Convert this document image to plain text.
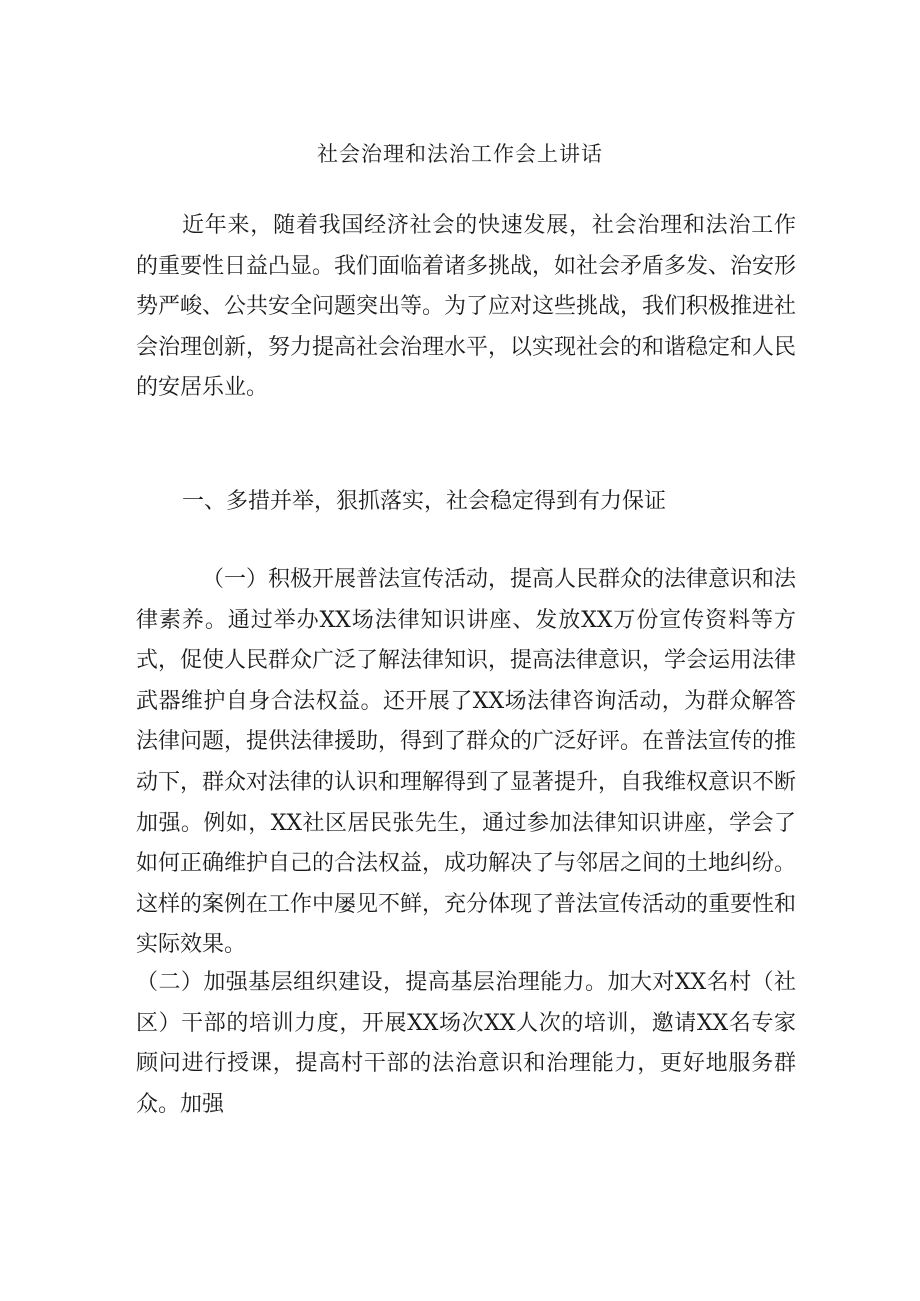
社会治理和法治工作会上讲话

近年来，随着我国经济社会的快速发展，社会治理和法治工作的重要性日益凸显。我们面临着诸多挑战，如社会矛盾多发、治安形势严峻、公共安全问题突出等。为了应对这些挑战，我们积极推进社会治理创新，努力提高社会治理水平，以实现社会的和谐稳定和人民的安居乐业。

一、多措并举，狠抓落实，社会稳定得到有力保证

（一）积极开展普法宣传活动，提高人民群众的法律意识和法律素养。通过举办XX场法律知识讲座、发放XX万份宣传资料等方式，促使人民群众广泛了解法律知识，提高法律意识，学会运用法律武器维护自身合法权益。还开展了XX场法律咨询活动，为群众解答法律问题，提供法律援助，得到了群众的广泛好评。在普法宣传的推动下，群众对法律的认识和理解得到了显著提升，自我维权意识不断加强。例如，XX社区居民张先生，通过参加法律知识讲座，学会了如何正确维护自己的合法权益，成功解决了与邻居之间的土地纠纷。这样的案例在工作中屡见不鲜，充分体现了普法宣传活动的重要性和实际效果。

（二）加强基层组织建设，提高基层治理能力。加大对XX名村（社区）干部的培训力度，开展XX场次XX人次的培训，邀请XX名专家顾问进行授课，提高村干部的法治意识和治理能力，更好地服务群众。加强
